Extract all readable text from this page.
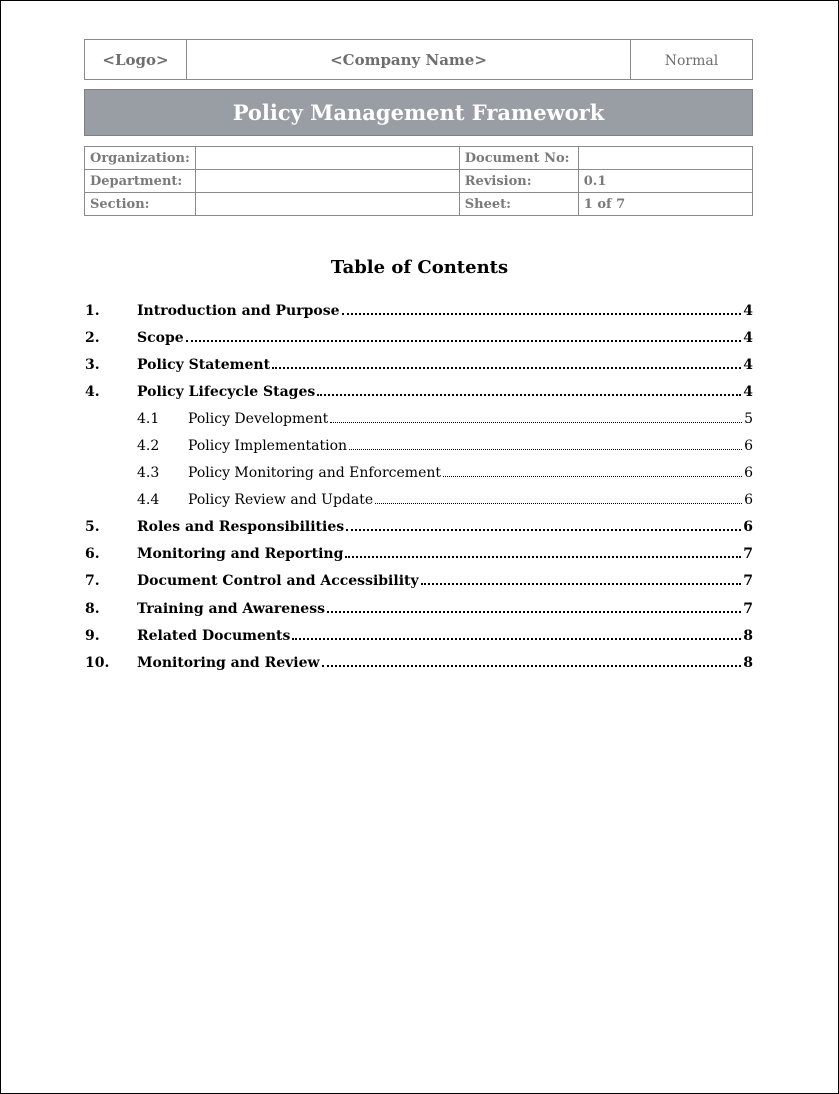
<Logo>	<Company Name>	Normal
Policy Management Framework
Organization:		Document No:	
Department:		Revision:	0.1
Section:		Sheet:	1 of 7
Table of Contents
1.	Introduction and Purpose	4
2.	Scope	4
3.	Policy Statement	4
4.	Policy Lifecycle Stages	4
4.1 Policy Development	5
4.2 Policy Implementation	6
4.3 Policy Monitoring and Enforcement	6
4.4 Policy Review and Update	6
5.	Roles and Responsibilities	6
6.	Monitoring and Reporting	7
7.	Document Control and Accessibility	7
8.	Training and Awareness	7
9.	Related Documents	8
10. Monitoring and Review	8
